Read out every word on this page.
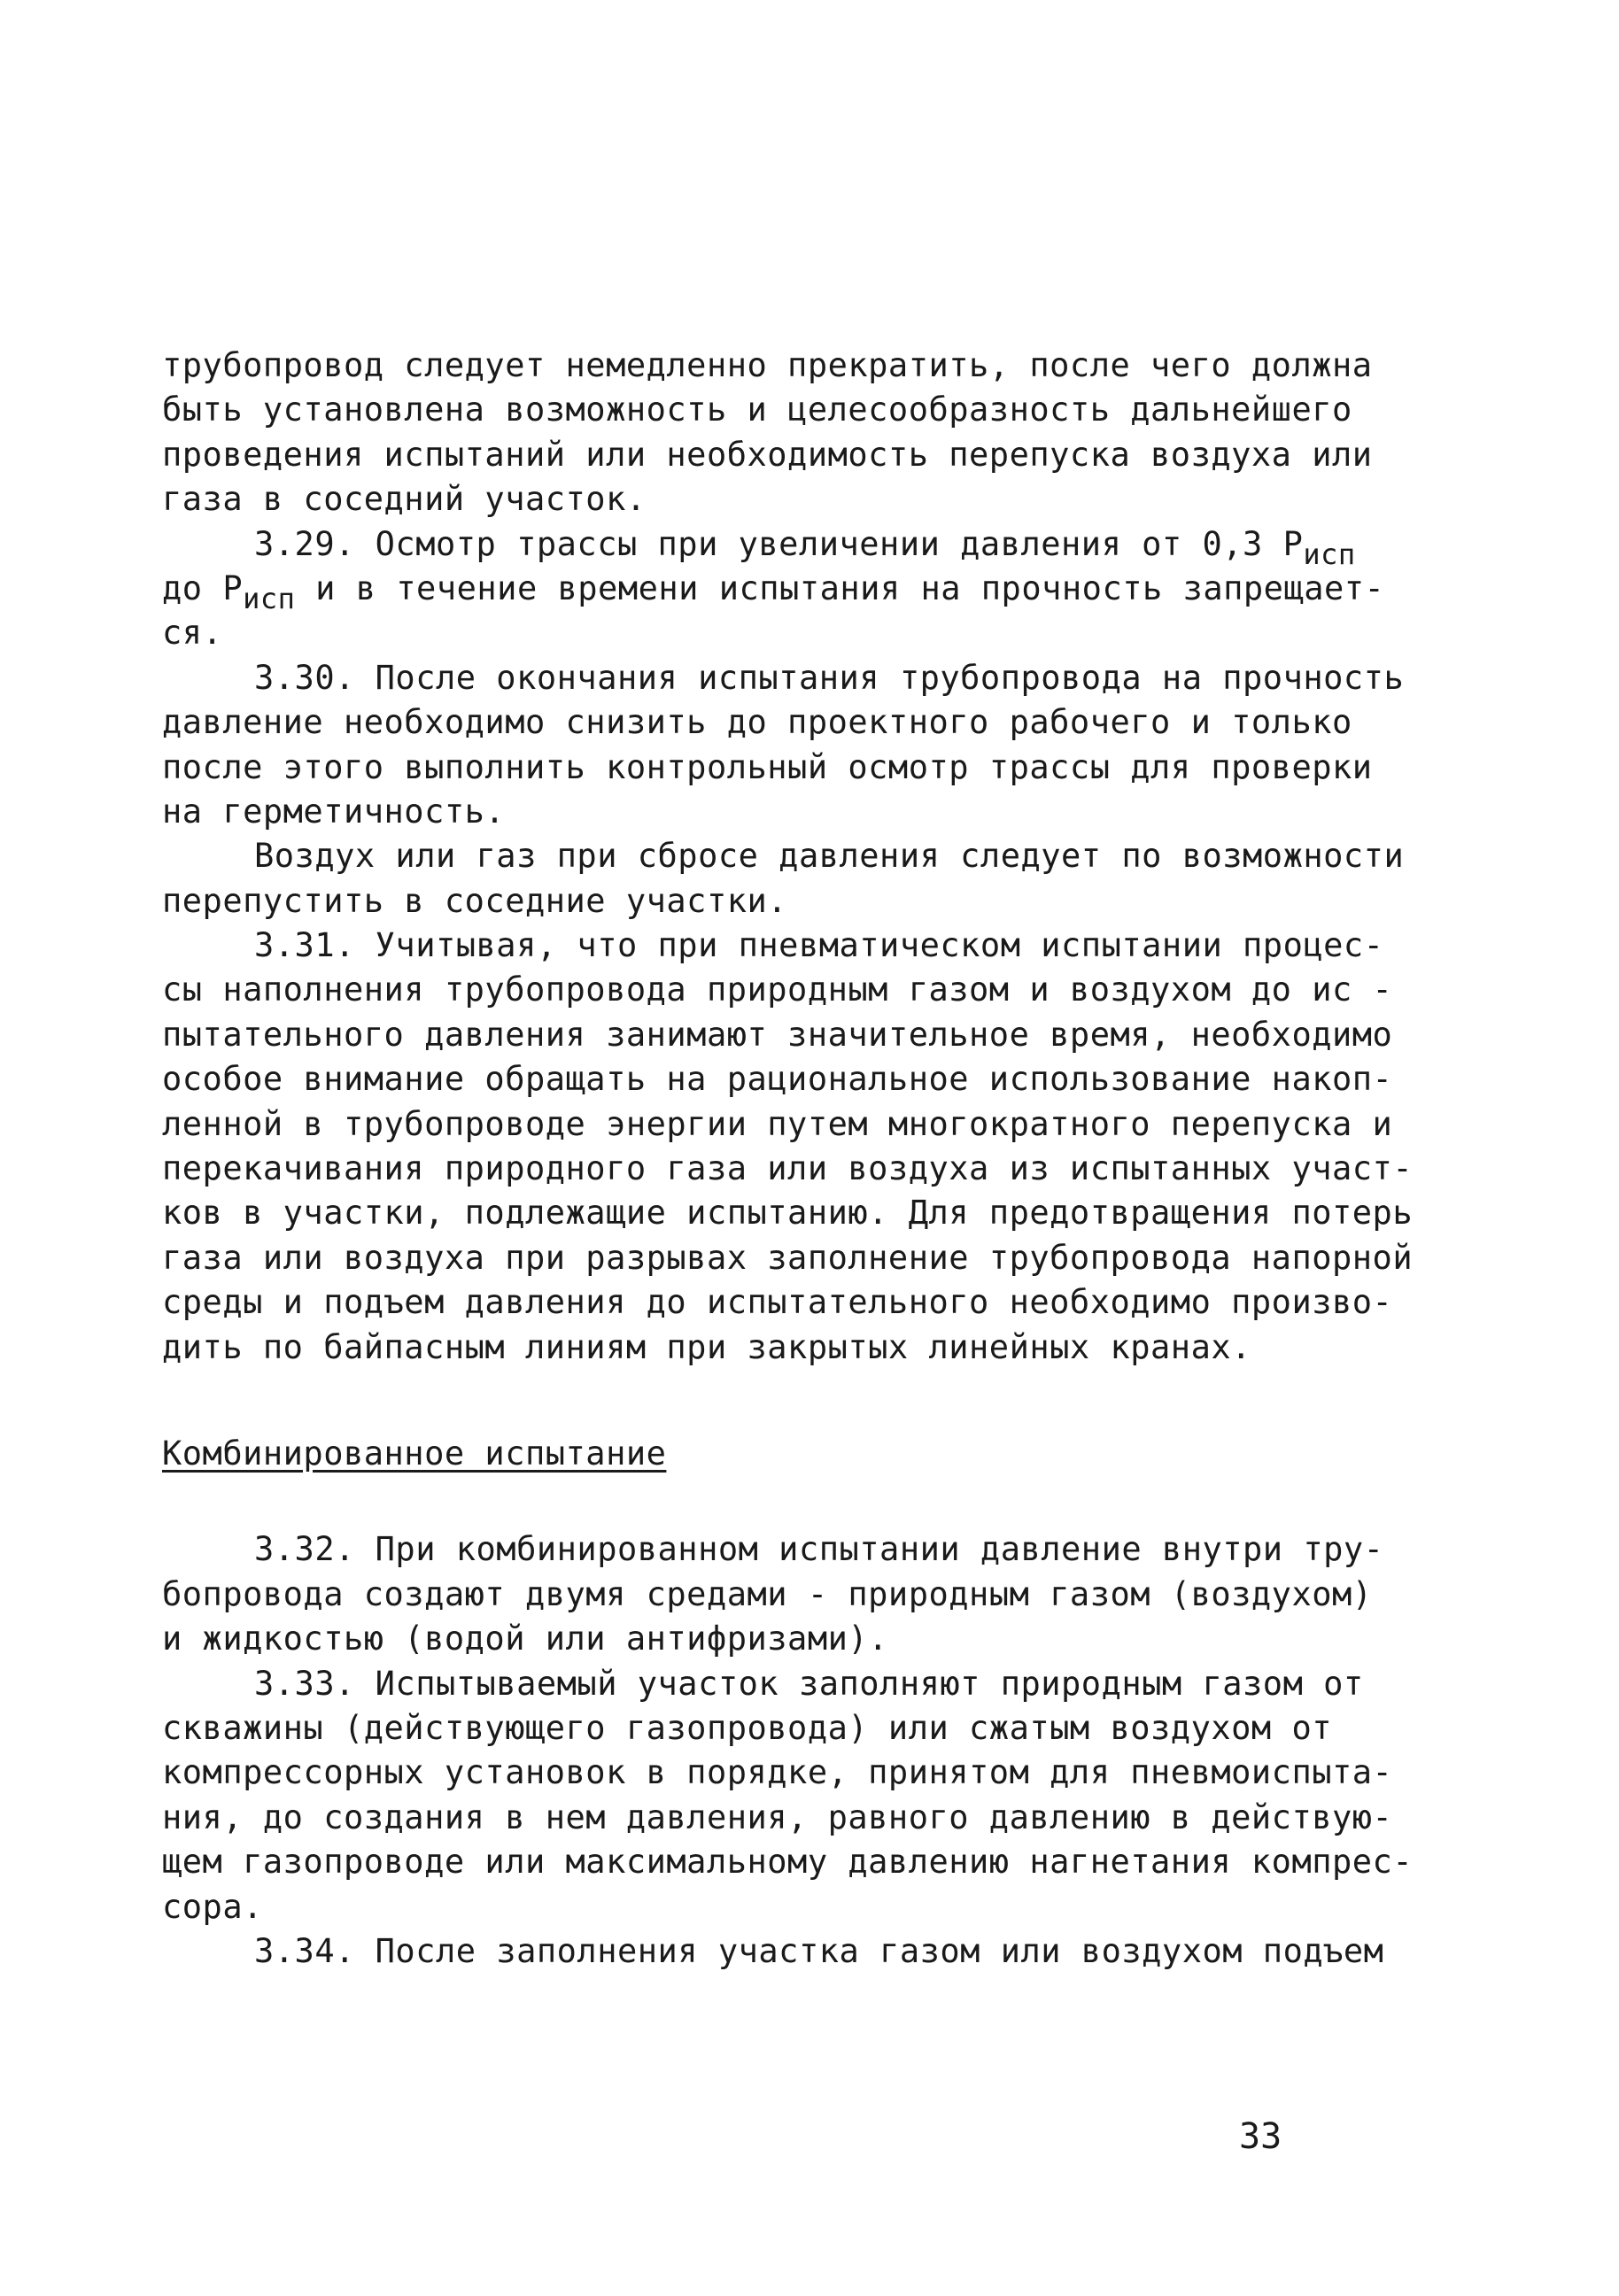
трубопровод следует немедленно прекратить, после чего должна
быть установлена возможность и целесообразность дальнейшего
проведения испытаний или необходимость перепуска воздуха или
газа в соседний участок.
3.29. Осмотр трассы при увеличении давления от 0,3 $P_{исп}$
до $P_{исп}$ и в течение времени испытания на прочность запрещает-
ся.
3.30. После окончания испытания трубопровода на прочность
давление необходимо снизить до проектного рабочего и только
после этого выполнить контрольный осмотр трассы для проверки
на герметичность.
Воздух или газ при сбросе давления следует по возможности
перепустить в соседние участки.
3.31. Учитывая, что при пневматическом испытании процес-
сы наполнения трубопровода природным газом и воздухом до ис -
пытательного давления занимают значительное время, необходимо
особое внимание обращать на рациональное использование накоп-
ленной в трубопроводе энергии путем многократного перепуска и
перекачивания природного газа или воздуха из испытанных участ-
ков в участки, подлежащие испытанию. Для предотвращения потерь
газа или воздуха при разрывах заполнение трубопровода напорной
среды и подъем давления до испытательного необходимо произво-
дить по байпасным линиям при закрытых линейных кранах.
Комбинированное испытание
3.32. При комбинированном испытании давление внутри тру-
бопровода создают двумя средами - природным газом (воздухом)
и жидкостью (водой или антифризами).
3.33. Испытываемый участок заполняют природным газом от
скважины (действующего газопровода) или сжатым воздухом от
компрессорных установок в порядке, принятом для пневмоиспыта-
ния, до создания в нем давления, равного давлению в действую-
щем газопроводе или максимальному давлению нагнетания компрес-
сора.
3.34. После заполнения участка газом или воздухом подъем
33
